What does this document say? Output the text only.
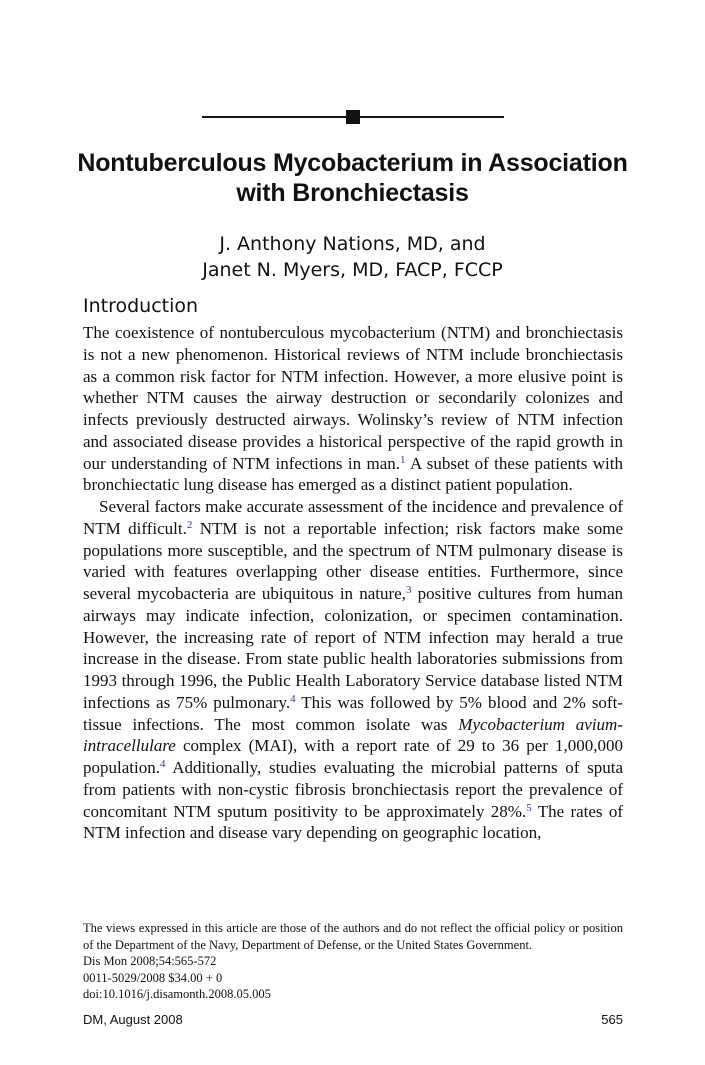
Nontuberculous Mycobacterium in Association with Bronchiectasis
J. Anthony Nations, MD, and
Janet N. Myers, MD, FACP, FCCP
Introduction

The coexistence of nontuberculous mycobacterium (NTM) and bronchiectasis is not a new phenomenon. Historical reviews of NTM include bronchiectasis as a common risk factor for NTM infection. However, a more elusive point is whether NTM causes the airway destruction or secondarily colonizes and infects previously destructed airways. Wolinsky’s review of NTM infection and associated disease provides a historical perspective of the rapid growth in our understanding of NTM infections in man.$^1$ A subset of these patients with bronchiectatic lung disease has emerged as a distinct patient population.

Several factors make accurate assessment of the incidence and prevalence of NTM difficult.$^2$ NTM is not a reportable infection; risk factors make some populations more susceptible, and the spectrum of NTM pulmonary disease is varied with features overlapping other disease entities. Furthermore, since several mycobacteria are ubiquitous in nature,$^3$ positive cultures from human airways may indicate infection, colonization, or specimen contamination. However, the increasing rate of report of NTM infection may herald a true increase in the disease. From state public health laboratories submissions from 1993 through 1996, the Public Health Laboratory Service database listed NTM infections as 75% pulmonary.$^4$ This was followed by 5% blood and 2% soft-tissue infections. The most common isolate was Mycobacterium avium-intracellulare complex (MAI), with a report rate of 29 to 36 per 1,000,000 population.$^4$ Additionally, studies evaluating the microbial patterns of sputa from patients with non-cystic fibrosis bronchiectasis report the prevalence of concomitant NTM sputum positivity to be approximately 28%.$^5$ The rates of NTM infection and disease vary depending on geographic location,

The views expressed in this article are those of the authors and do not reflect the official policy or position of the Department of the Navy, Department of Defense, or the United States Government.
Dis Mon 2008;54:565-572
0011-5029/2008 $34.00 + 0
doi:10.1016/j.disamonth.2008.05.005
DM, August 2008	565
